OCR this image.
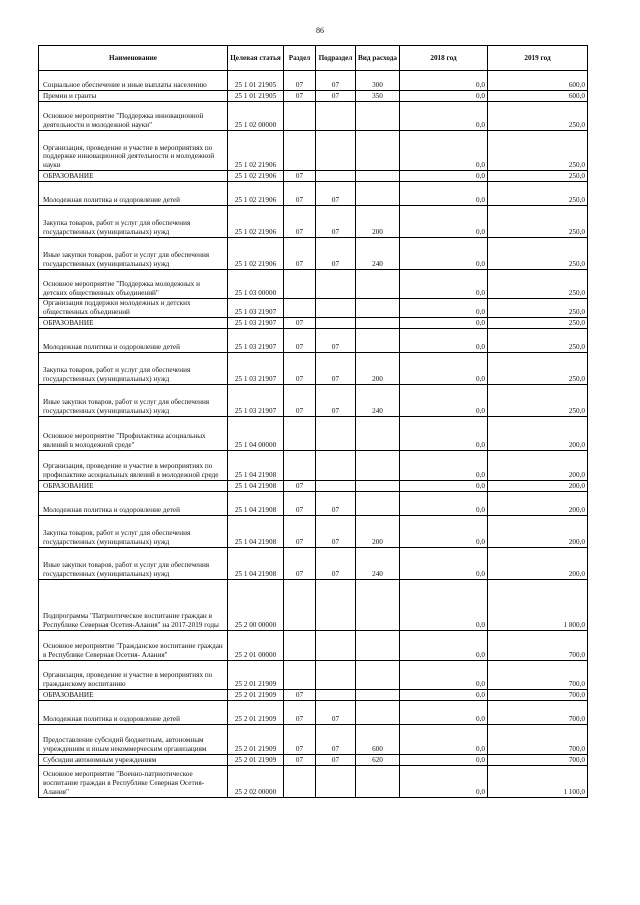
86
Наименование	Целевая статья	Раздел	Подраздел	Вид расхода	2018 год	2019 год
Социальное обеспечение и иные выплаты населению	25 1 01 21905	07	07	300	0,0	600,0
Премии и гранты	25 1 01 21905	07	07	350	0,0	600,0
Основное мероприятие "Поддержка инновационной деятельности и молодежной науки"	25 1 02 00000				0,0	250,0
Организация, проведение и участие в мероприятиях по поддержке инновационной деятельности и молодежной науки	25 1 02 21906				0,0	250,0
ОБРАЗОВАНИЕ	25 1 02 21906	07			0,0	250,0
Молодежная политика и оздоровление детей	25 1 02 21906	07	07		0,0	250,0
Закупка товаров, работ и услуг для обеспечения государственных (муниципальных) нужд	25 1 02 21906	07	07	200	0,0	250,0
Иные закупки товаров, работ и услуг для обеспечения государственных (муниципальных) нужд	25 1 02 21906	07	07	240	0,0	250,0
Основное мероприятие "Поддержка молодежных и детских общественных объединений"	25 1 03 00000				0,0	250,0
Организация поддержки молодежных и детских общественных объединений	25 1 03 21907				0,0	250,0
ОБРАЗОВАНИЕ	25 1 03 21907	07			0,0	250,0
Молодежная политика и оздоровление детей	25 1 03 21907	07	07		0,0	250,0
Закупка товаров, работ и услуг для обеспечения государственных (муниципальных) нужд	25 1 03 21907	07	07	200	0,0	250,0
Иные закупки товаров, работ и услуг для обеспечения государственных (муниципальных) нужд	25 1 03 21907	07	07	240	0,0	250,0
Основное мероприятие "Профилактика асоциальных явлений в молодежной среде"	25 1 04 00000				0,0	200,0
Организация, проведение и участие в мероприятиях по профилактике асоциальных явлений в молодежной среде	25 1 04 21908				0,0	200,0
ОБРАЗОВАНИЕ	25 1 04 21908	07			0,0	200,0
Молодежная политика и оздоровление детей	25 1 04 21908	07	07		0,0	200,0
Закупка товаров, работ и услуг для обеспечения государственных (муниципальных) нужд	25 1 04 21908	07	07	200	0,0	200,0
Иные закупки товаров, работ и услуг для обеспечения государственных (муниципальных) нужд	25 1 04 21908	07	07	240	0,0	200,0
Подпрограмма "Патриотическое воспитание граждан в Республике Северная Осетия-Алания" на 2017-2019 годы	25 2 00 00000				0,0	1 800,0
Основное мероприятие "Гражданское воспитание граждан в Республике Северная Осетия- Алания"	25 2 01 00000				0,0	700,0
Организация, проведение и участие в мероприятиях по гражданскому воспитанию	25 2 01 21909				0,0	700,0
ОБРАЗОВАНИЕ	25 2 01 21909	07			0,0	700,0
Молодежная политика и оздоровление детей	25 2 01 21909	07	07		0,0	700,0
Предоставление субсидий бюджетным, автономным учреждениям и иным некоммерческим организациям	25 2 01 21909	07	07	600	0,0	700,0
Субсидии автономным учреждениям	25 2 01 21909	07	07	620	0,0	700,0
Основное мероприятие "Военно-патриотическое воспитание граждан в Республике Северная Осетия- Алания"	25 2 02 00000				0,0	1 100,0
